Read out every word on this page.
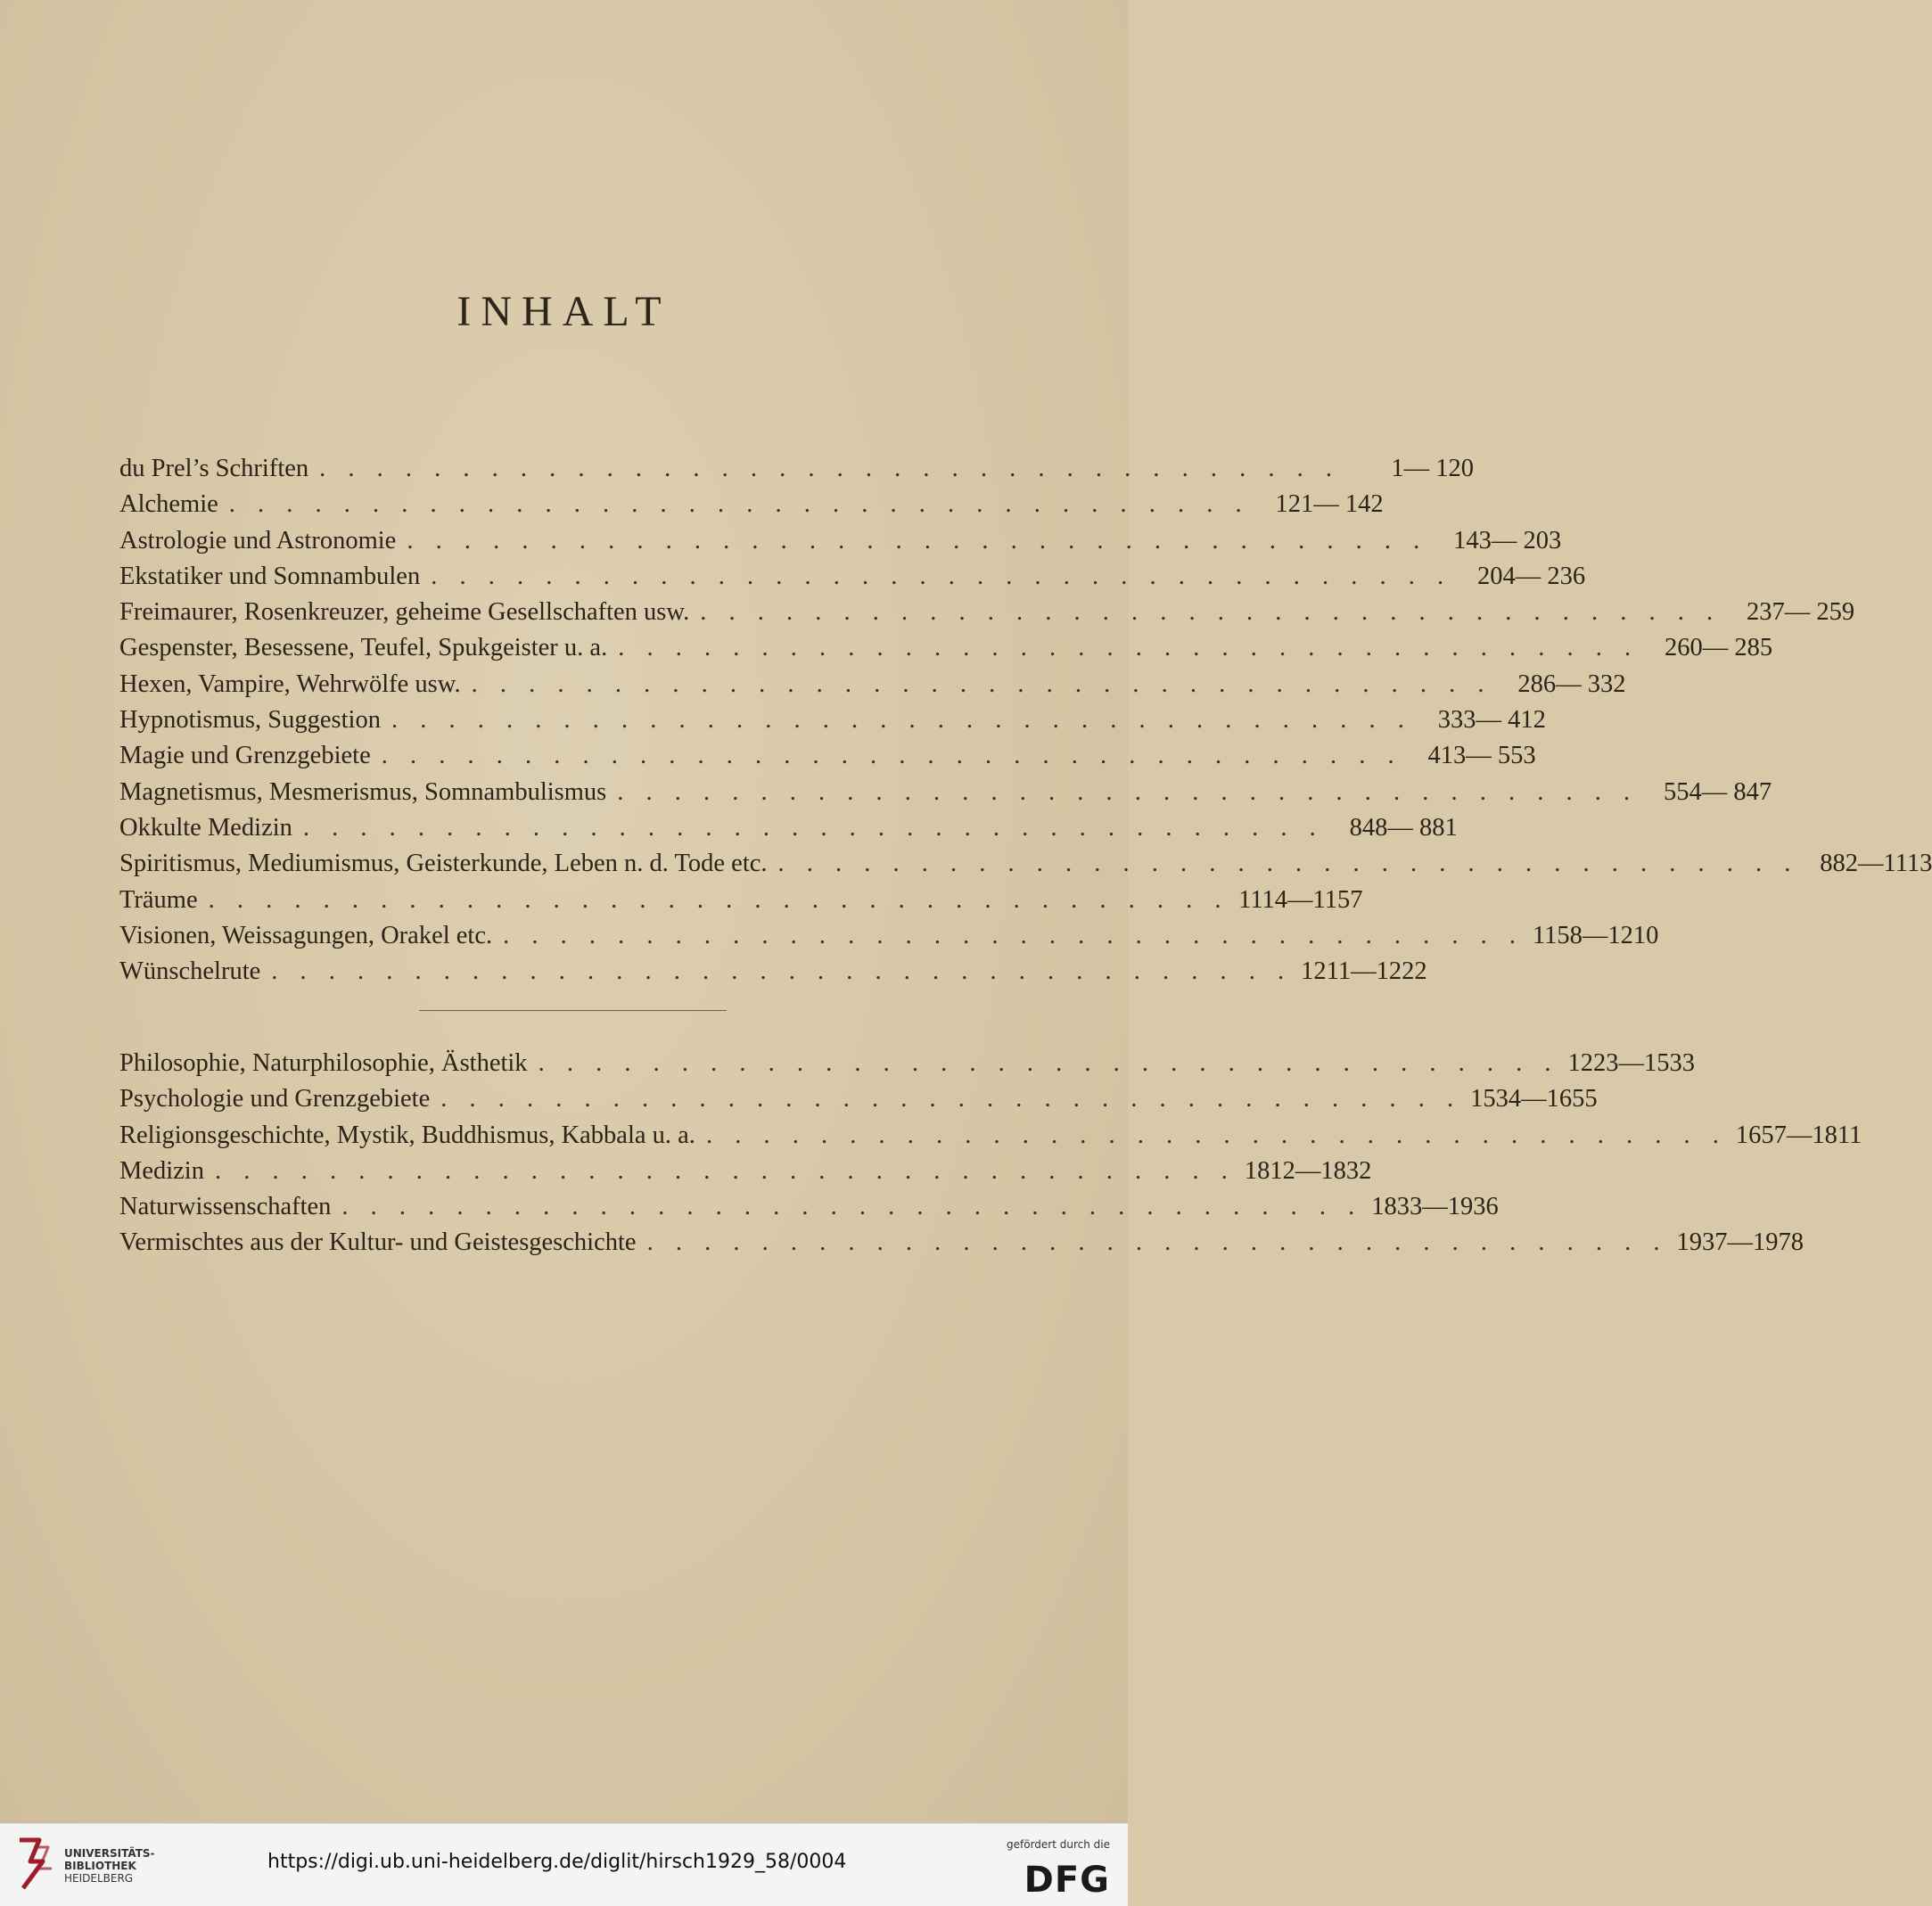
INHALT
du Prel’s Schriften . . . . . . . . . . . . . . . . . . . . . . . . . . . . . . . . . . . .	1— 120
Alchemie . . . . . . . . . . . . . . . . . . . . . . . . . . . . . . . . . . . .	121— 142
Astrologie und Astronomie . . . . . . . . . . . . . . . . . . . . . . . . . . . . . . . . . . . .	143— 203
Ekstatiker und Somnambulen . . . . . . . . . . . . . . . . . . . . . . . . . . . . . . . . . . . .	204— 236
Freimaurer, Rosenkreuzer, geheime Gesellschaften usw. . . . . . . . . . . . . . . . . . . . . . . . . . . . . . . . . . . . .	237— 259
Gespenster, Besessene, Teufel, Spukgeister u. a. . . . . . . . . . . . . . . . . . . . . . . . . . . . . . . . . . . . .	260— 285
Hexen, Vampire, Wehrwölfe usw. . . . . . . . . . . . . . . . . . . . . . . . . . . . . . . . . . . . .	286— 332
Hypnotismus, Suggestion . . . . . . . . . . . . . . . . . . . . . . . . . . . . . . . . . . . .	333— 412
Magie und Grenzgebiete . . . . . . . . . . . . . . . . . . . . . . . . . . . . . . . . . . . .	413— 553
Magnetismus, Mesmerismus, Somnambulismus . . . . . . . . . . . . . . . . . . . . . . . . . . . . . . . . . . . .	554— 847
Okkulte Medizin . . . . . . . . . . . . . . . . . . . . . . . . . . . . . . . . . . . .	848— 881
Spiritismus, Mediumismus, Geisterkunde, Leben n. d. Tode etc. . . . . . . . . . . . . . . . . . . . . . . . . . . . . . . . . . . . . 882—1113
Träume . . . . . . . . . . . . . . . . . . . . . . . . . . . . . . . . . . . . 1114—1157
Visionen, Weissagungen, Orakel etc. . . . . . . . . . . . . . . . . . . . . . . . . . . . . . . . . . . . . 1158—1210
Wünschelrute . . . . . . . . . . . . . . . . . . . . . . . . . . . . . . . . . . . . 1211—1222
Philosophie, Naturphilosophie, Ästhetik . . . . . . . . . . . . . . . . . . . . . . . . . . . . . . . . . . . . 1223—1533
Psychologie und Grenzgebiete . . . . . . . . . . . . . . . . . . . . . . . . . . . . . . . . . . . . 1534—1655
Religionsgeschichte, Mystik, Buddhismus, Kabbala u. a. . . . . . . . . . . . . . . . . . . . . . . . . . . . . . . . . . . . . 1657—1811
Medizin . . . . . . . . . . . . . . . . . . . . . . . . . . . . . . . . . . . . 1812—1832
Naturwissenschaften . . . . . . . . . . . . . . . . . . . . . . . . . . . . . . . . . . . . 1833—1936
Vermischtes aus der Kultur- und Geistesgeschichte . . . . . . . . . . . . . . . . . . . . . . . . . . . . . . . . . . . . 1937—1978
UNIVERSITÄTS-
BIBLIOTHEK
HEIDELBERG
https://digi.ub.uni-heidelberg.de/diglit/hirsch1929_58/0004
gefördert durch die
DFG
